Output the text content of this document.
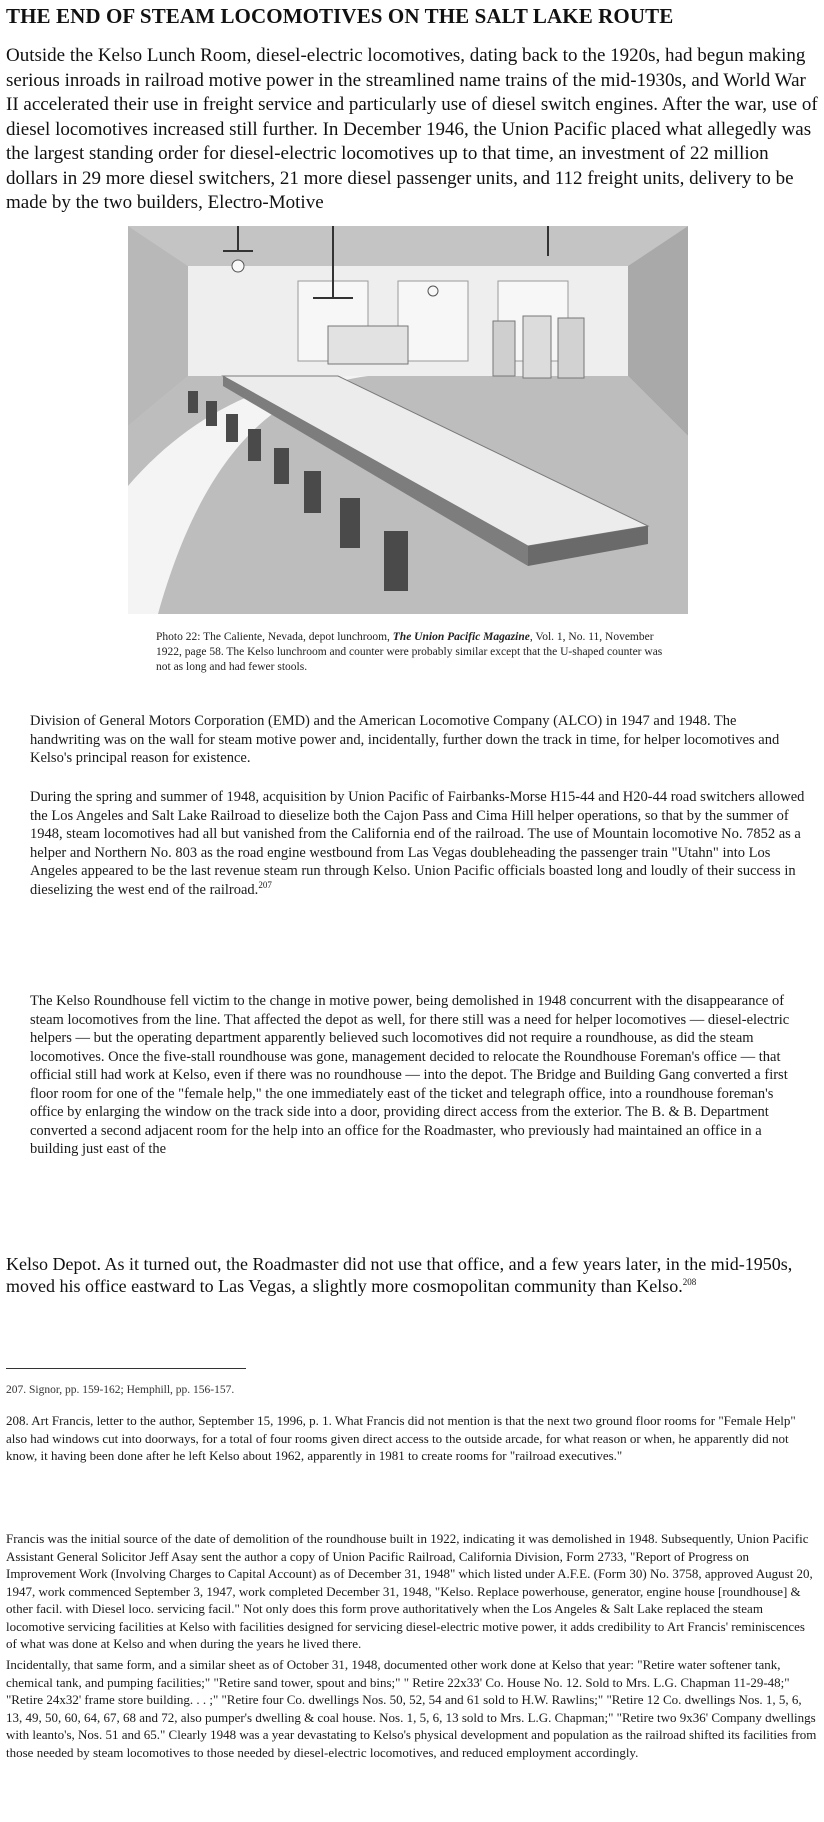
THE END OF STEAM LOCOMOTIVES ON THE SALT LAKE ROUTE
Outside the Kelso Lunch Room, diesel-electric locomotives, dating back to the 1920s, had begun making serious inroads in railroad motive power in the streamlined name trains of the mid-1930s, and World War II accelerated their use in freight service and particularly use of diesel switch engines. After the war, use of diesel locomotives increased still further. In December 1946, the Union Pacific placed what allegedly was the largest standing order for diesel-electric locomotives up to that time, an investment of 22 million dollars in 29 more diesel switchers, 21 more diesel passenger units, and 112 freight units, delivery to be made by the two builders, Electro-Motive
Photo 22: The Caliente, Nevada, depot lunchroom, The Union Pacific Magazine, Vol. 1, No. 11, November 1922, page 58. The Kelso lunchroom and counter were probably similar except that the U-shaped counter was not as long and had fewer stools.
Division of General Motors Corporation (EMD) and the American Locomotive Company (ALCO) in 1947 and 1948. The handwriting was on the wall for steam motive power and, incidentally, further down the track in time, for helper locomotives and Kelso's principal reason for existence.
During the spring and summer of 1948, acquisition by Union Pacific of Fairbanks-Morse H15-44 and H20-44 road switchers allowed the Los Angeles and Salt Lake Railroad to dieselize both the Cajon Pass and Cima Hill helper operations, so that by the summer of 1948, steam locomotives had all but vanished from the California end of the railroad. The use of Mountain locomotive No. 7852 as a helper and Northern No. 803 as the road engine westbound from Las Vegas doubleheading the passenger train "Utahn" into Los Angeles appeared to be the last revenue steam run through Kelso. Union Pacific officials boasted long and loudly of their success in dieselizing the west end of the railroad.$^{207}$
The Kelso Roundhouse fell victim to the change in motive power, being demolished in 1948 concurrent with the disappearance of steam locomotives from the line. That affected the depot as well, for there still was a need for helper locomotives — diesel-electric helpers — but the operating department apparently believed such locomotives did not require a roundhouse, as did the steam locomotives. Once the five-stall roundhouse was gone, management decided to relocate the Roundhouse Foreman's office — that official still had work at Kelso, even if there was no roundhouse — into the depot. The Bridge and Building Gang converted a first floor room for one of the "female help," the one immediately east of the ticket and telegraph office, into a roundhouse foreman's office by enlarging the window on the track side into a door, providing direct access from the exterior. The B. & B. Department converted a second adjacent room for the help into an office for the Roadmaster, who previously had maintained an office in a building just east of the
Kelso Depot. As it turned out, the Roadmaster did not use that office, and a few years later, in the mid-1950s, moved his office eastward to Las Vegas, a slightly more cosmopolitan community than Kelso.$^{208}$
207. Signor, pp. 159-162; Hemphill, pp. 156-157.
208. Art Francis, letter to the author, September 15, 1996, p. 1. What Francis did not mention is that the next two ground floor rooms for "Female Help" also had windows cut into doorways, for a total of four rooms given direct access to the outside arcade, for what reason or when, he apparently did not know, it having been done after he left Kelso about 1962, apparently in 1981 to create rooms for "railroad executives."
Francis was the initial source of the date of demolition of the roundhouse built in 1922, indicating it was demolished in 1948. Subsequently, Union Pacific Assistant General Solicitor Jeff Asay sent the author a copy of Union Pacific Railroad, California Division, Form 2733, "Report of Progress on Improvement Work (Involving Charges to Capital Account) as of December 31, 1948" which listed under A.F.E. (Form 30) No. 3758, approved August 20, 1947, work commenced September 3, 1947, work completed December 31, 1948, "Kelso. Replace powerhouse, generator, engine house [roundhouse] & other facil. with Diesel loco. servicing facil." Not only does this form prove authoritatively when the Los Angeles & Salt Lake replaced the steam locomotive servicing facilities at Kelso with facilities designed for servicing diesel-electric motive power, it adds credibility to Art Francis' reminiscences of what was done at Kelso and when during the years he lived there.
Incidentally, that same form, and a similar sheet as of October 31, 1948, documented other work done at Kelso that year: "Retire water softener tank, chemical tank, and pumping facilities;" "Retire sand tower, spout and bins;" " Retire 22x33' Co. House No. 12. Sold to Mrs. L.G. Chapman 11-29-48;" "Retire 24x32' frame store building. . . ;" "Retire four Co. dwellings Nos. 50, 52, 54 and 61 sold to H.W. Rawlins;" "Retire 12 Co. dwellings Nos. 1, 5, 6, 13, 49, 50, 60, 64, 67, 68 and 72, also pumper's dwelling & coal house. Nos. 1, 5, 6, 13 sold to Mrs. L.G. Chapman;" "Retire two 9x36' Company dwellings with leanto's, Nos. 51 and 65." Clearly 1948 was a year devastating to Kelso's physical development and population as the railroad shifted its facilities from those needed by steam locomotives to those needed by diesel-electric locomotives, and reduced employment accordingly.
